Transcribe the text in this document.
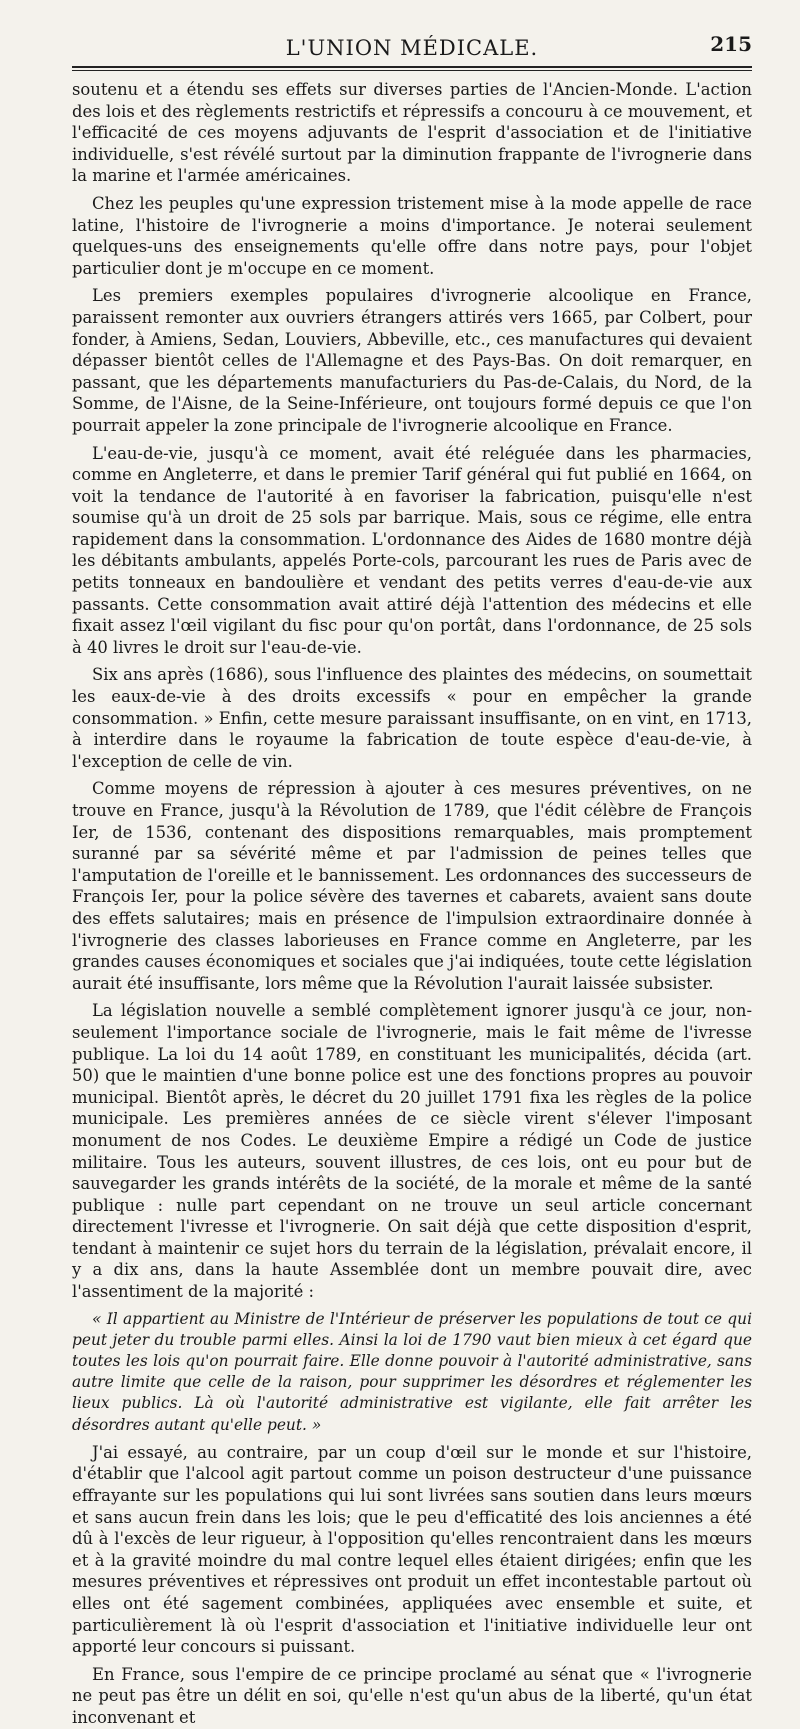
L'UNION MÉDICALE.	215

soutenu et a étendu ses effets sur diverses parties de l'Ancien-Monde. L'action des lois et des règlements restrictifs et répressifs a concouru à ce mouvement, et l'efficacité de ces moyens adjuvants de l'esprit d'association et de l'initiative individuelle, s'est révélé surtout par la diminution frappante de l'ivrognerie dans la marine et l'armée américaines.

Chez les peuples qu'une expression tristement mise à la mode appelle de race latine, l'histoire de l'ivrognerie a moins d'importance. Je noterai seulement quelques-uns des enseignements qu'elle offre dans notre pays, pour l'objet particulier dont je m'occupe en ce moment.

Les premiers exemples populaires d'ivrognerie alcoolique en France, paraissent remonter aux ouvriers étrangers attirés vers 1665, par Colbert, pour fonder, à Amiens, Sedan, Louviers, Abbeville, etc., ces manufactures qui devaient dépasser bientôt celles de l'Allemagne et des Pays-Bas. On doit remarquer, en passant, que les départements manufacturiers du Pas-de-Calais, du Nord, de la Somme, de l'Aisne, de la Seine-Inférieure, ont toujours formé depuis ce que l'on pourrait appeler la zone principale de l'ivrognerie alcoolique en France.

L'eau-de-vie, jusqu'à ce moment, avait été reléguée dans les pharmacies, comme en Angleterre, et dans le premier Tarif général qui fut publié en 1664, on voit la tendance de l'autorité à en favoriser la fabrication, puisqu'elle n'est soumise qu'à un droit de 25 sols par barrique. Mais, sous ce régime, elle entra rapidement dans la consommation. L'ordonnance des Aides de 1680 montre déjà les débitants ambulants, appelés Porte-cols, parcourant les rues de Paris avec de petits tonneaux en bandoulière et vendant des petits verres d'eau-de-vie aux passants. Cette consommation avait attiré déjà l'attention des médecins et elle fixait assez l'œil vigilant du fisc pour qu'on portât, dans l'ordonnance, de 25 sols à 40 livres le droit sur l'eau-de-vie.

Six ans après (1686), sous l'influence des plaintes des médecins, on soumettait les eaux-de-vie à des droits excessifs « pour en empêcher la grande consommation. » Enfin, cette mesure paraissant insuffisante, on en vint, en 1713, à interdire dans le royaume la fabrication de toute espèce d'eau-de-vie, à l'exception de celle de vin.

Comme moyens de répression à ajouter à ces mesures préventives, on ne trouve en France, jusqu'à la Révolution de 1789, que l'édit célèbre de François Ier, de 1536, contenant des dispositions remarquables, mais promptement suranné par sa sévérité même et par l'admission de peines telles que l'amputation de l'oreille et le bannissement. Les ordonnances des successeurs de François Ier, pour la police sévère des tavernes et cabarets, avaient sans doute des effets salutaires; mais en présence de l'impulsion extraordinaire donnée à l'ivrognerie des classes laborieuses en France comme en Angleterre, par les grandes causes économiques et sociales que j'ai indiquées, toute cette législation aurait été insuffisante, lors même que la Révolution l'aurait laissée subsister.

La législation nouvelle a semblé complètement ignorer jusqu'à ce jour, non-seulement l'importance sociale de l'ivrognerie, mais le fait même de l'ivresse publique. La loi du 14 août 1789, en constituant les municipalités, décida (art. 50) que le maintien d'une bonne police est une des fonctions propres au pouvoir municipal. Bientôt après, le décret du 20 juillet 1791 fixa les règles de la police municipale. Les premières années de ce siècle virent s'élever l'imposant monument de nos Codes. Le deuxième Empire a rédigé un Code de justice militaire. Tous les auteurs, souvent illustres, de ces lois, ont eu pour but de sauvegarder les grands intérêts de la société, de la morale et même de la santé publique : nulle part cependant on ne trouve un seul article concernant directement l'ivresse et l'ivrognerie. On sait déjà que cette disposition d'esprit, tendant à maintenir ce sujet hors du terrain de la législation, prévalait encore, il y a dix ans, dans la haute Assemblée dont un membre pouvait dire, avec l'assentiment de la majorité :

« Il appartient au Ministre de l'Intérieur de préserver les populations de tout ce qui peut jeter du trouble parmi elles. Ainsi la loi de 1790 vaut bien mieux à cet égard que toutes les lois qu'on pourrait faire. Elle donne pouvoir à l'autorité administrative, sans autre limite que celle de la raison, pour supprimer les désordres et réglementer les lieux publics. Là où l'autorité administrative est vigilante, elle fait arrêter les désordres autant qu'elle peut. »

J'ai essayé, au contraire, par un coup d'œil sur le monde et sur l'histoire, d'établir que l'alcool agit partout comme un poison destructeur d'une puissance effrayante sur les populations qui lui sont livrées sans soutien dans leurs mœurs et sans aucun frein dans les lois; que le peu d'efficatité des lois anciennes a été dû à l'excès de leur rigueur, à l'opposition qu'elles rencontraient dans les mœurs et à la gravité moindre du mal contre lequel elles étaient dirigées; enfin que les mesures préventives et répressives ont produit un effet incontestable partout où elles ont été sagement combinées, appliquées avec ensemble et suite, et particulièrement là où l'esprit d'association et l'initiative individuelle leur ont apporté leur concours si puissant.

En France, sous l'empire de ce principe proclamé au sénat que « l'ivrognerie ne peut pas être un délit en soi, qu'elle n'est qu'un abus de la liberté, qu'un état inconvenant et
